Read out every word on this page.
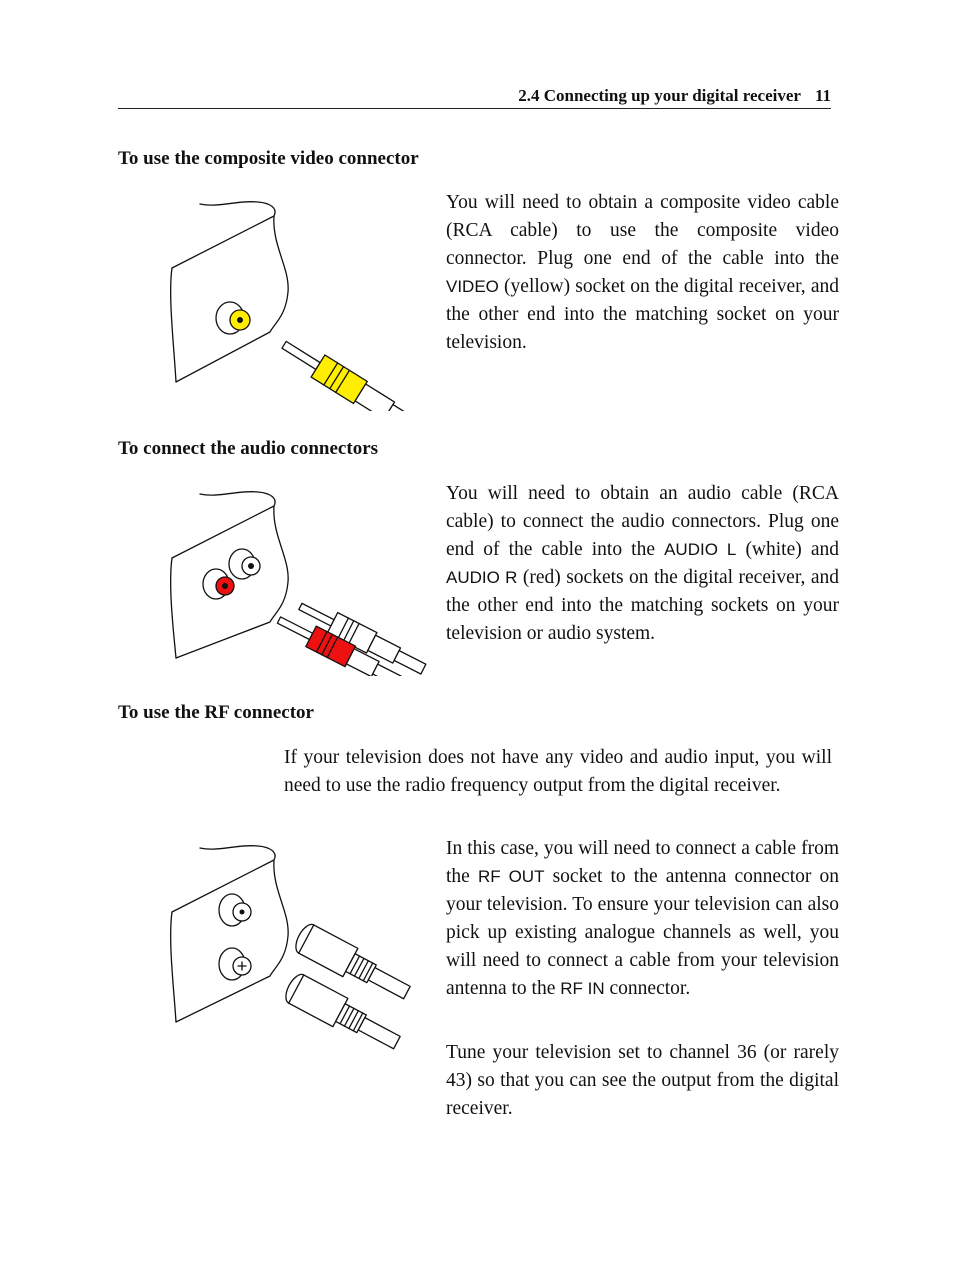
2.4 Connecting up your digital receiver 11
To use the composite video connector

You will need to obtain a composite video cable (RCA cable) to use the composite video connector. Plug one end of the cable into the VIDEO (yellow) socket on the digital receiver, and the other end into the matching socket on your television.

To connect the audio connectors

You will need to obtain an audio cable (RCA cable) to connect the audio connectors. Plug one end of the cable into the AUDIO L (white) and AUDIO R (red) sockets on the digital receiver, and the other end into the matching sockets on your television or audio system.

To use the RF connector

If your television does not have any video and audio input, you will need to use the radio frequency output from the digital receiver.

In this case, you will need to connect a cable from the RF OUT socket to the antenna connector on your television. To ensure your television can also pick up existing analogue channels as well, you will need to connect a cable from your television antenna to the RF IN connector.

Tune your television set to channel 36 (or rarely 43) so that you can see the output from the digital receiver.
